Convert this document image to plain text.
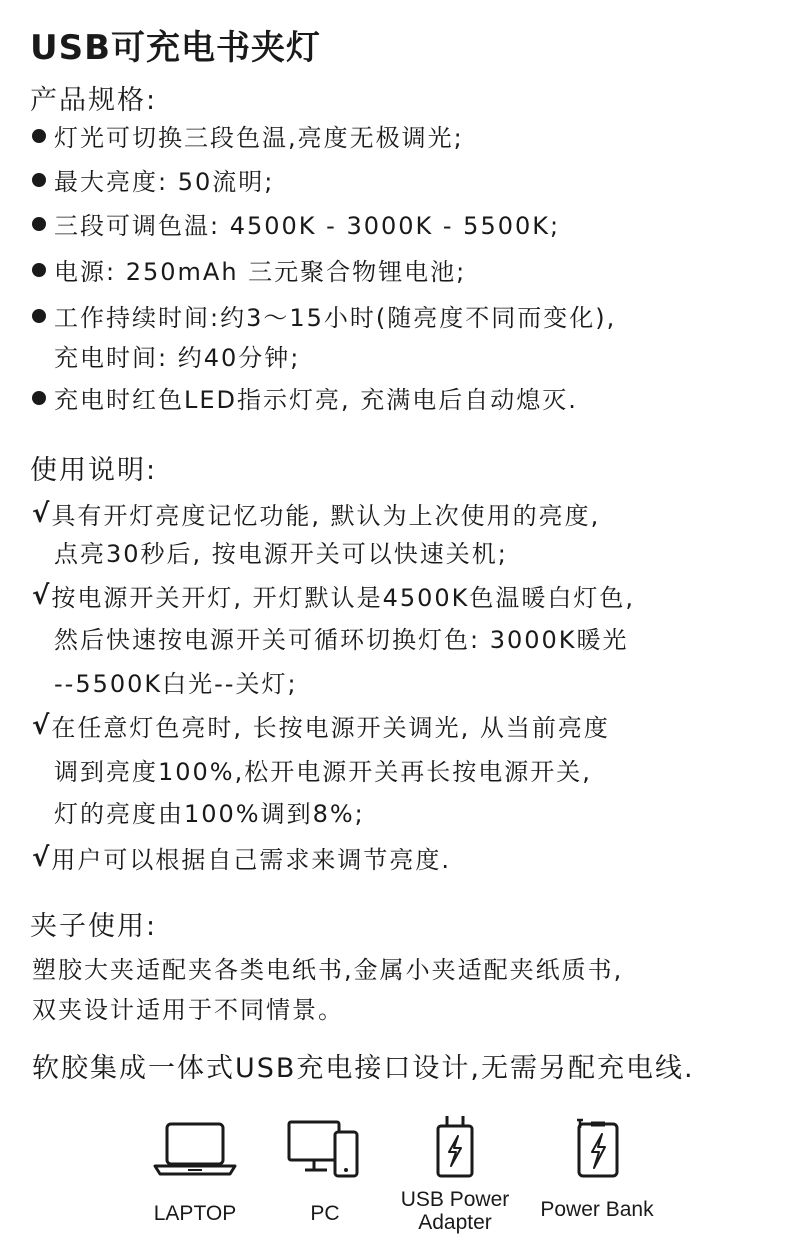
USB可充电书夹灯
产品规格:
灯光可切换三段色温,亮度无极调光;
最大亮度: 50流明;
三段可调色温: 4500K - 3000K - 5500K;
电源: 250mAh 三元聚合物锂电池;
工作持续时间:约3～15小时(随亮度不同而变化),
充电时间: 约40分钟;
充电时红色LED指示灯亮, 充满电后自动熄灭.
使用说明:
√ 具有开灯亮度记忆功能, 默认为上次使用的亮度,
点亮30秒后, 按电源开关可以快速关机;
√ 按电源开关开灯, 开灯默认是4500K色温暖白灯色,
然后快速按电源开关可循环切换灯色: 3000K暖光
--5500K白光--关灯;
√ 在任意灯色亮时, 长按电源开关调光, 从当前亮度
调到亮度100%,松开电源开关再长按电源开关,
灯的亮度由100%调到8%;
√ 用户可以根据自己需求来调节亮度.
夹子使用:
塑胶大夹适配夹各类电纸书,金属小夹适配夹纸质书,
双夹设计适用于不同情景。
软胶集成一体式USB充电接口设计,无需另配充电线.
LAPTOP	PC
USB Power
Adapter
Power Bank
